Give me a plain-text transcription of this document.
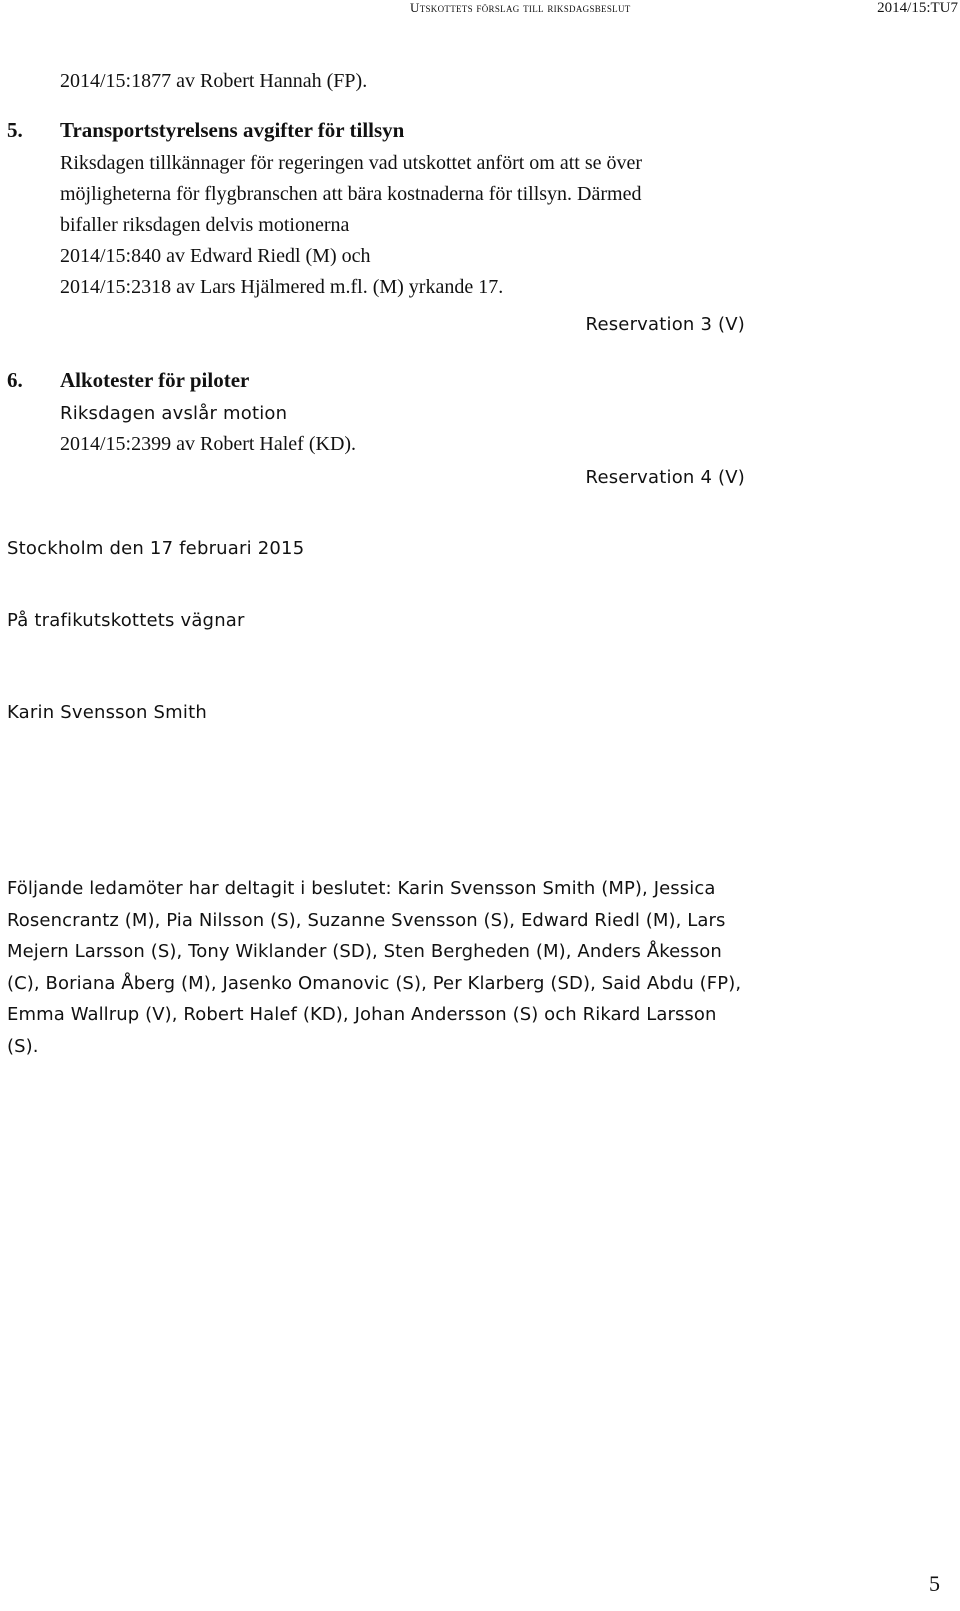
Utskottets förslag till riksdagsbeslut	2014/15:TU7
2014/15:1877 av Robert Hannah (FP).
5. Transportstyrelsens avgifter för tillsyn
Riksdagen tillkännager för regeringen vad utskottet anfört om att se över
möjligheterna för flygbranschen att bära kostnaderna för tillsyn. Därmed
bifaller riksdagen delvis motionerna
2014/15:840 av Edward Riedl (M) och
2014/15:2318 av Lars Hjälmered m.fl. (M) yrkande 17.
Reservation 3 (V)
6. Alkotester för piloter
Riksdagen avslår motion
2014/15:2399 av Robert Halef (KD).
Reservation 4 (V)
Stockholm den 17 februari 2015
På trafikutskottets vägnar
Karin Svensson Smith
Följande ledamöter har deltagit i beslutet: Karin Svensson Smith (MP), Jessica Rosencrantz (M), Pia Nilsson (S), Suzanne Svensson (S), Edward Riedl (M), Lars Mejern Larsson (S), Tony Wiklander (SD), Sten Bergheden (M), Anders Åkesson (C), Boriana Åberg (M), Jasenko Omanovic (S), Per Klarberg (SD), Said Abdu (FP), Emma Wallrup (V), Robert Halef (KD), Johan Andersson (S) och Rikard Larsson (S).
5
